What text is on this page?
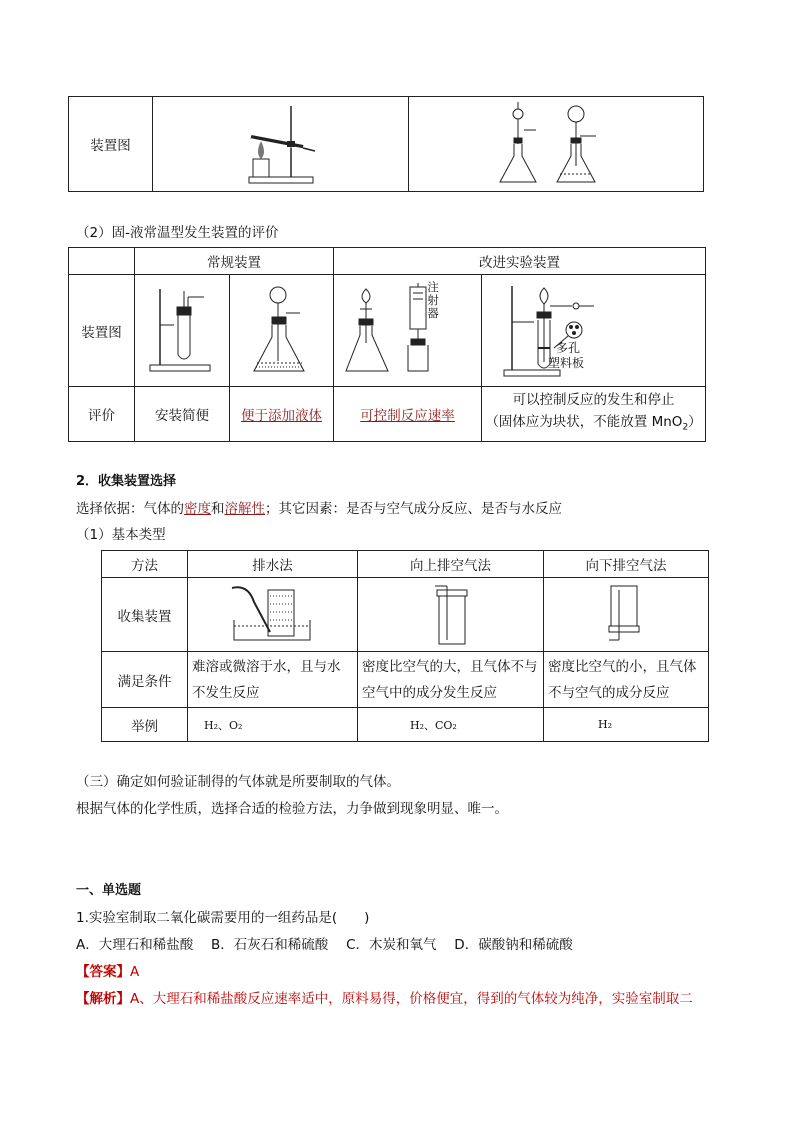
装置图	

（2）固-液常温型发生装置的评价
	常规装置		改进实验装置	
装置图			注射器	多孔
塑料板

评价	安装简便	便于添加液体	可控制反应速率	可以控制反应的发生和停止
（固体应为块状，不能放置 MnO$_2$）
2．收集装置选择
选择依据：气体的密度和溶解性；其它因素：是否与空气成分反应、是否与水反应
（1）基本类型
方法	排水法	向上排空气法	向下排空气法
收集装置	

满足条件	难溶或微溶于水，且与水不发生反应	密度比空气的大，且气体不与空气中的成分发生反应	密度比空气的小，且气体不与空气的成分反应
举例	H₂、O₂	H₂、CO₂	H₂
（三）确定如何验证制得的气体就是所要制取的气体。
根据气体的化学性质，选择合适的检验方法，力争做到现象明显、唯一。
一、单选题
1.实验室制取二氧化碳需要用的一组药品是(　　)
A．大理石和稀盐酸　 B．石灰石和稀硫酸　 C．木炭和氧气　 D．碳酸钠和稀硫酸
【答案】A
【解析】A、大理石和稀盐酸反应速率适中，原料易得，价格便宜，得到的气体较为纯净，实验室制取二
